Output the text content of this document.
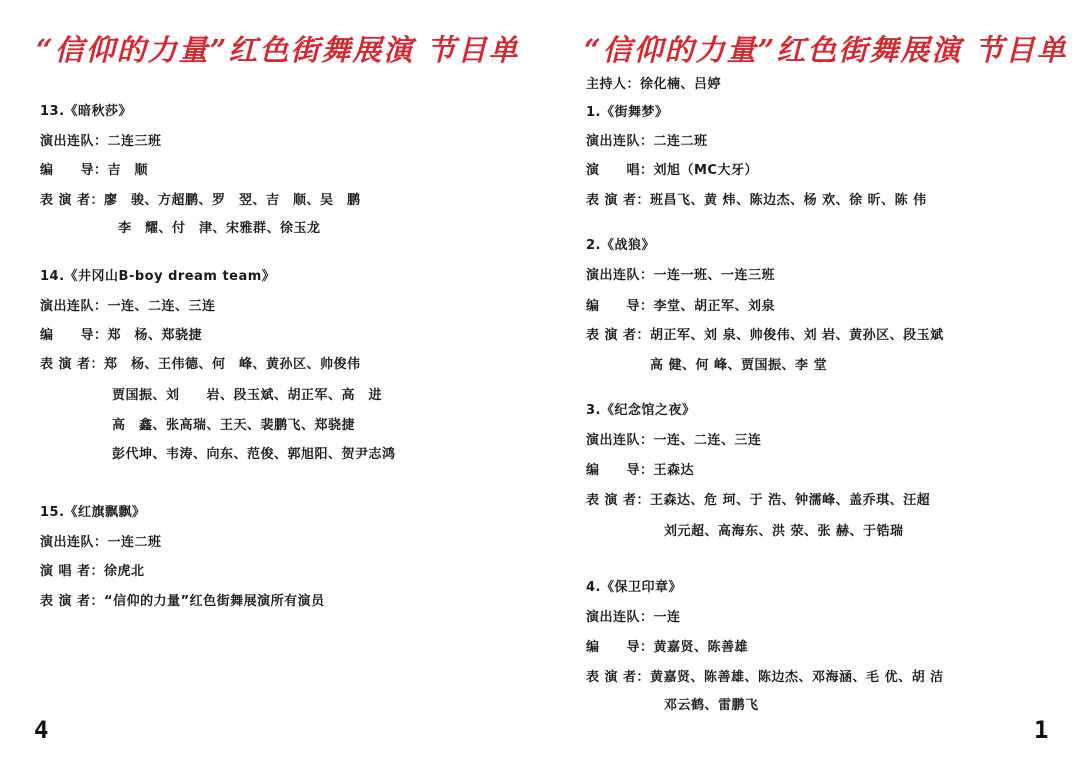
“信仰的力量”红色街舞展演 节目单
13.《暗秋莎》
演出连队：二连三班
编　　导：吉　顺
表 演 者：廖　骏、方超鹏、罗　翌、吉　顺、吴　鹏
李　耀、付　津、宋雅群、徐玉龙
14.《井冈山B-boy dream team》
演出连队：一连、二连、三连
编　　导：郑　杨、郑骁捷
表 演 者：郑　杨、王伟德、何　峰、黄孙区、帅俊伟
贾国振、刘　　岩、段玉斌、胡正军、高　进
高　鑫、张高瑞、王天、裴鹏飞、郑骁捷
彭代坤、韦涛、向东、范俊、郭旭阳、贺尹志鸿
15.《红旗飘飘》
演出连队：一连二班
演 唱 者：徐虎北
表 演 者：“信仰的力量”红色街舞展演所有演员
4
“信仰的力量”红色街舞展演 节目单
主持人：徐化楠、吕婷
1.《街舞梦》
演出连队：二连二班
演　　唱：刘旭（MC大牙）
表 演 者：班昌飞、黄 炜、陈边杰、杨 欢、徐 昕、陈 伟
2.《战狼》
演出连队：一连一班、一连三班
编　　导：李堂、胡正军、刘泉
表 演 者：胡正军、刘 泉、帅俊伟、刘 岩、黄孙区、段玉斌
高 健、何 峰、贾国振、李 堂
3.《纪念馆之夜》
演出连队：一连、二连、三连
编　　导：王森达
表 演 者：王森达、危 珂、于 浩、钟濡峰、盖乔琪、汪超
刘元超、高海东、洪 荥、张 赫、于锆瑞
4.《保卫印章》
演出连队：一连
编　　导：黄嘉贤、陈善雄
表 演 者：黄嘉贤、陈善雄、陈边杰、邓海涵、毛 优、胡 洁
邓云鹤、雷鹏飞
1
